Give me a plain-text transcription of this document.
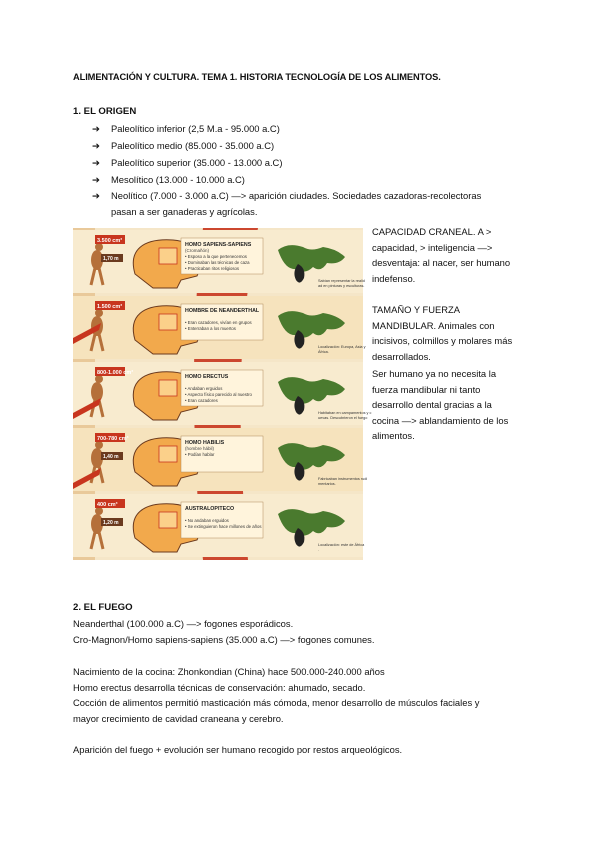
ALIMENTACIÓN Y CULTURA. TEMA 1. HISTORIA TECNOLOGÍA DE LOS ALIMENTOS.
1. EL ORIGEN
➔ Paleolítico inferior (2,5 M.a - 95.000 a.C)
➔ Paleolítico medio (85.000 - 35.000 a.C)
➔ Paleolítico superior (35.000 - 13.000 a.C)
➔ Mesolítico (13.000 - 10.000 a.C)
➔ Neolítico (7.000 - 3.000 a.C) —> aparición ciudades. Sociedades cazadoras-recolectoras
pasan a ser ganaderas y agrícolas.
3.500 cm³
1,70 m
HOMO SAPIENS-SAPIENS
(Cromañón)
• Esposo a la que pertenecemos
• Dominaban las técnicas de caza
• Practicaban ritos religiosos
Sabían representar la realid
ad en pinturas y esculturas.
1.500 cm³
HOMBRE DE NEANDERTHAL
• Eran cazadores, vivían en grupos
• Enterraban a los muertos
Localización: Europa, Asia y
África.
800-1.000 cm³
HOMO ERECTUS
• Andaban erguidos
• Aspecto físico parecido al nuestro
• Eran cazadores
Habitaban en campamentos y c
uevas. Descubrieron el fuego
700-780 cm³
1,40 m
HOMO HABILIS
(hombre hábil)
• Podían hablar
Fabricaban instrumentos rudi
mentarios.
400 cm³
1,20 m
AUSTRALOPITECO
• No andaban erguidos
• Se extinguieron hace millones de años
Localización: este de África
.
CAPACIDAD CRANEAL. A >
capacidad, > inteligencia —>
desventaja: al nacer, ser humano
indefenso.
TAMAÑO Y FUERZA
MANDIBULAR. Animales con
incisivos, colmillos y molares más
desarrollados.
Ser humano ya no necesita la
fuerza mandibular ni tanto
desarrollo dental gracias a la
cocina —> ablandamiento de los
alimentos.
2. EL FUEGO
Neanderthal (100.000 a.C) —> fogones esporádicos.
Cro-Magnon/Homo sapiens-sapiens (35.000 a.C) —> fogones comunes.
Nacimiento de la cocina: Zhonkondian (China) hace 500.000-240.000 años
Homo erectus desarrolla técnicas de conservación: ahumado, secado.
Cocción de alimentos permitió masticación más cómoda, menor desarrollo de músculos faciales y
mayor crecimiento de cavidad craneana y cerebro.
Aparición del fuego + evolución ser humano recogido por restos arqueológicos.
